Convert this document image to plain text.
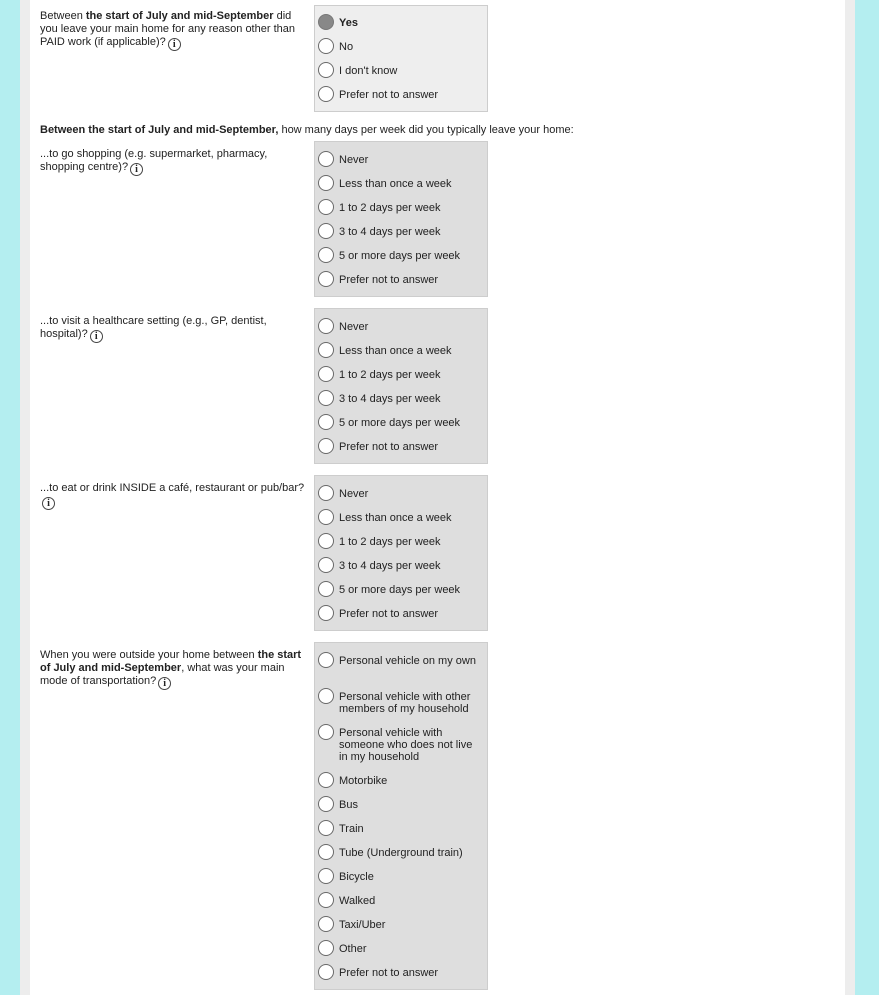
Between the start of July and mid-September did you leave your main home for any reason other than PAID work (if applicable)? i
Yes
No
I don't know
Prefer not to answer
Between the start of July and mid-September, how many days per week did you typically leave your home:
...to go shopping (e.g. supermarket, pharmacy, shopping centre)? i
Never
Less than once a week
1 to 2 days per week
3 to 4 days per week
5 or more days per week
Prefer not to answer
...to visit a healthcare setting (e.g., GP, dentist, hospital)? i
Never
Less than once a week
1 to 2 days per week
3 to 4 days per week
5 or more days per week
Prefer not to answer
...to eat or drink INSIDE a café, restaurant or pub/bar? i
Never
Less than once a week
1 to 2 days per week
3 to 4 days per week
5 or more days per week
Prefer not to answer
When you were outside your home between the start of July and mid-September, what was your main mode of transportation? i
Personal vehicle on my own
Personal vehicle with other members of my household
Personal vehicle with someone who does not live in my household
Motorbike
Bus
Train
Tube (Underground train)
Bicycle
Walked
Taxi/Uber
Other
Prefer not to answer
